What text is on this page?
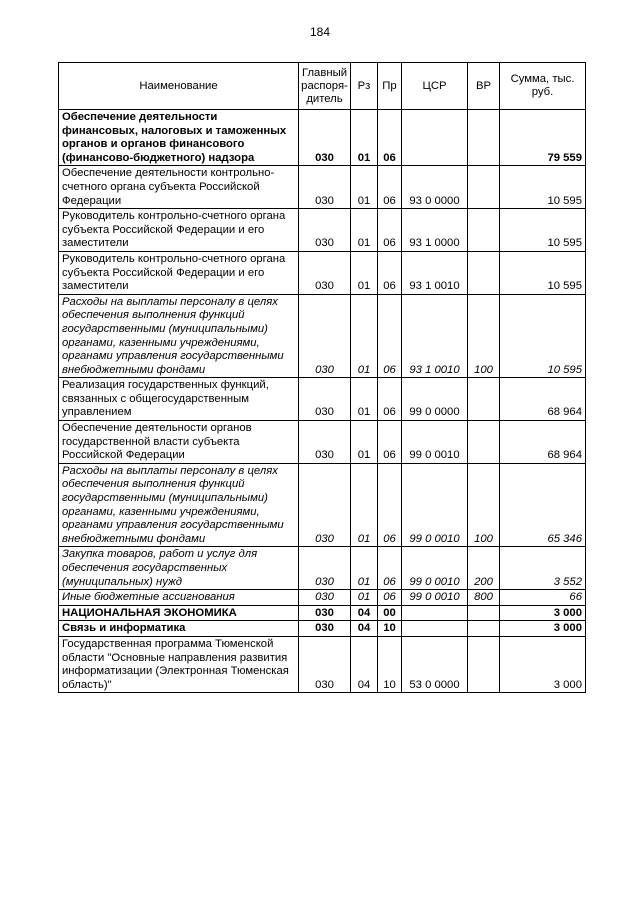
184
Наименование	Главный распоря-дитель	Рз	Пр	ЦСР	ВР	Сумма, тыс. руб.
Обеспечение деятельности финансовых, налоговых и таможенных органов и органов финансового (финансово-бюджетного) надзора	030	01	06			79 559
Обеспечение деятельности контрольно-счетного органа субъекта Российской Федерации	030	01	06	93 0 0000		10 595
Руководитель контрольно-счетного органа субъекта Российской Федерации и его заместители	030	01	06	93 1 0000		10 595
Руководитель контрольно-счетного органа субъекта Российской Федерации и его заместители	030	01	06	93 1 0010		10 595
Расходы на выплаты персоналу в целях обеспечения выполнения функций государственными (муниципальными) органами, казенными учреждениями, органами управления государственными внебюджетными фондами	030	01	06	93 1 0010	100	10 595
Реализация государственных функций, связанных с общегосударственным управлением	030	01	06	99 0 0000		68 964
Обеспечение деятельности органов государственной власти субъекта Российской Федерации	030	01	06	99 0 0010		68 964
Расходы на выплаты персоналу в целях обеспечения выполнения функций государственными (муниципальными) органами, казенными учреждениями, органами управления государственными внебюджетными фондами	030	01	06	99 0 0010	100	65 346
Закупка товаров, работ и услуг для обеспечения государственных (муниципальных) нужд	030	01	06	99 0 0010	200	3 552
Иные бюджетные ассигнования	030	01	06	99 0 0010	800	66
НАЦИОНАЛЬНАЯ ЭКОНОМИКА	030	04	00			3 000
Связь и информатика	030	04	10			3 000
Государственная программа Тюменской области "Основные направления развития информатизации (Электронная Тюменская область)"	030	04	10	53 0 0000		3 000
